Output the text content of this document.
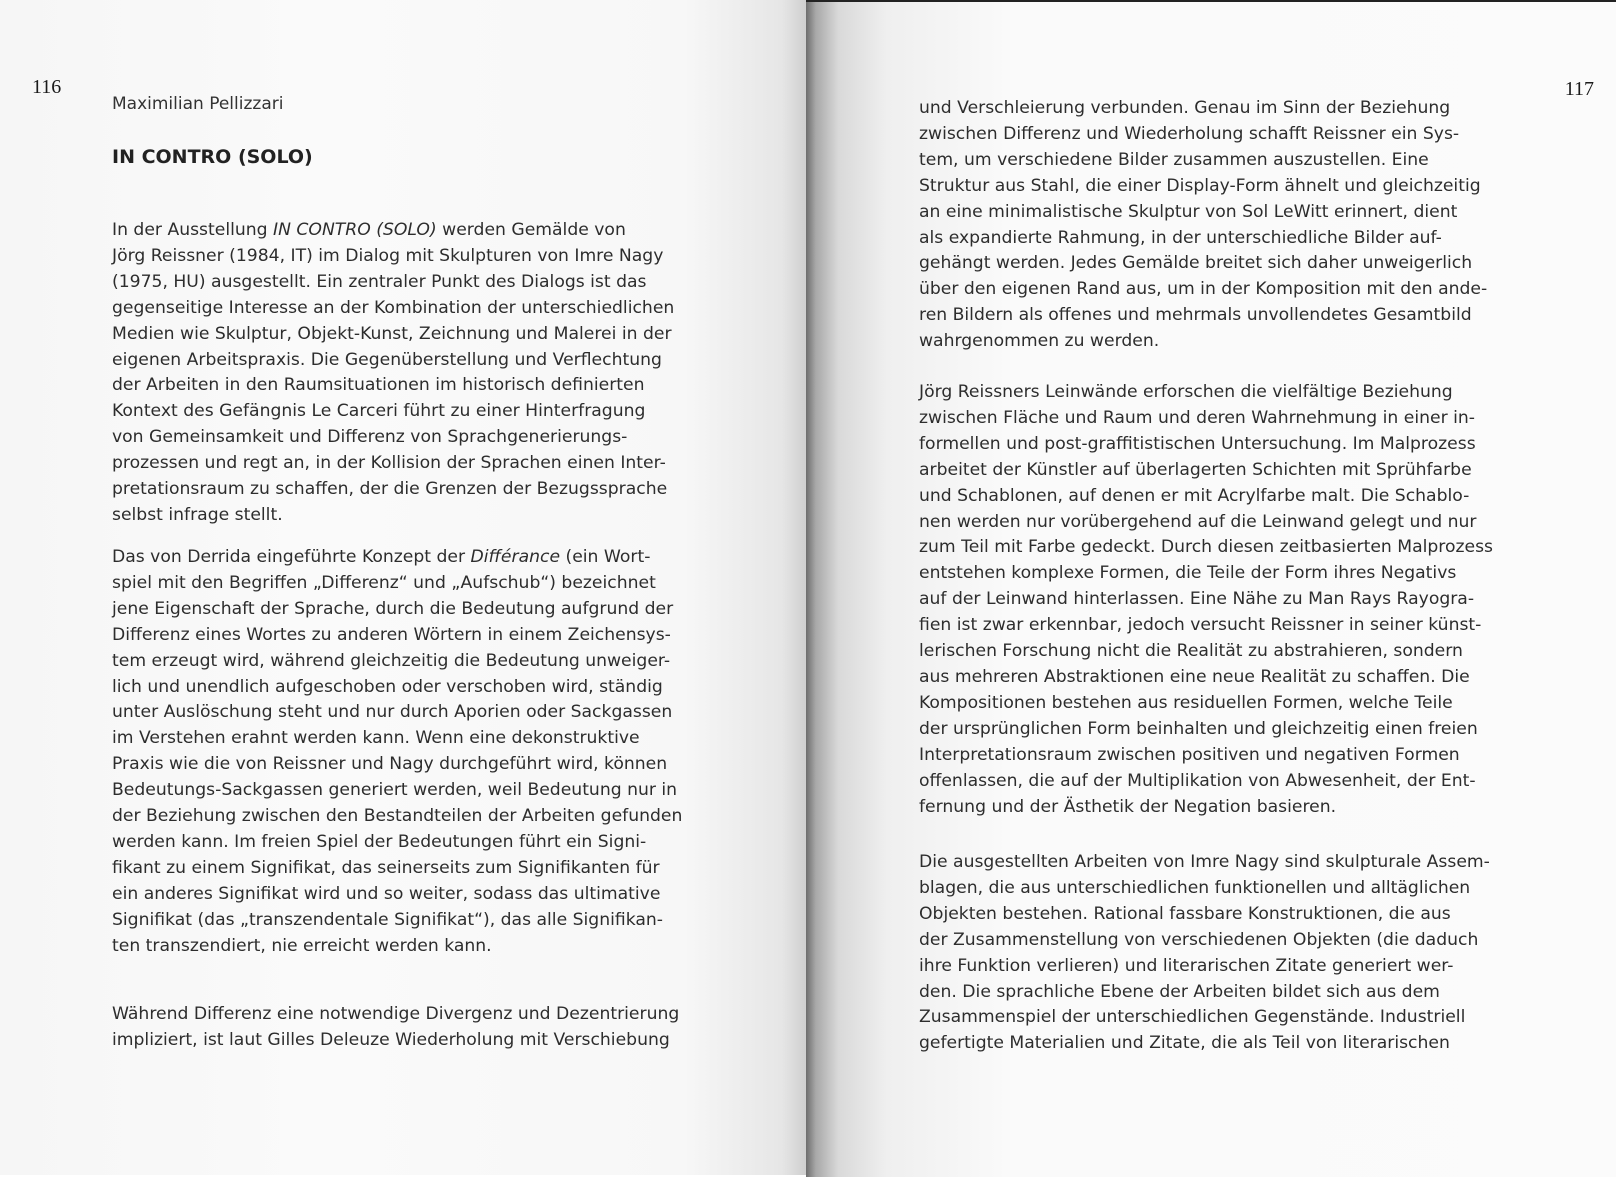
116
Maximilian Pellizzari
IN CONTRO (SOLO)
In der Ausstellung IN CONTRO (SOLO) werden Gemälde von
Jörg Reissner (1984, IT) im Dialog mit Skulpturen von Imre Nagy
(1975, HU) ausgestellt. Ein zentraler Punkt des Dialogs ist das
gegenseitige Interesse an der Kombination der unterschiedlichen
Medien wie Skulptur, Objekt-Kunst, Zeichnung und Malerei in der
eigenen Arbeitspraxis. Die Gegenüberstellung und Verflechtung
der Arbeiten in den Raumsituationen im historisch definierten
Kontext des Gefängnis Le Carceri führt zu einer Hinterfragung
von Gemeinsamkeit und Differenz von Sprachgenerierungs-
prozessen und regt an, in der Kollision der Sprachen einen Inter-
pretationsraum zu schaffen, der die Grenzen der Bezugssprache
selbst infrage stellt.
Das von Derrida eingeführte Konzept der Différance (ein Wort-
spiel mit den Begriffen „Differenz“ und „Aufschub“) bezeichnet
jene Eigenschaft der Sprache, durch die Bedeutung aufgrund der
Differenz eines Wortes zu anderen Wörtern in einem Zeichensys-
tem erzeugt wird, während gleichzeitig die Bedeutung unweiger-
lich und unendlich aufgeschoben oder verschoben wird, ständig
unter Auslöschung steht und nur durch Aporien oder Sackgassen
im Verstehen erahnt werden kann. Wenn eine dekonstruktive
Praxis wie die von Reissner und Nagy durchgeführt wird, können
Bedeutungs-Sackgassen generiert werden, weil Bedeutung nur in
der Beziehung zwischen den Bestandteilen der Arbeiten gefunden
werden kann. Im freien Spiel der Bedeutungen führt ein Signi-
fikant zu einem Signifikat, das seinerseits zum Signifikanten für
ein anderes Signifikat wird und so weiter, sodass das ultimative
Signifikat (das „transzendentale Signifikat“), das alle Signifikan-
ten transzendiert, nie erreicht werden kann.
Während Differenz eine notwendige Divergenz und Dezentrierung
impliziert, ist laut Gilles Deleuze Wiederholung mit Verschiebung
117
und Verschleierung verbunden. Genau im Sinn der Beziehung
zwischen Differenz und Wiederholung schafft Reissner ein Sys-
tem, um verschiedene Bilder zusammen auszustellen. Eine
Struktur aus Stahl, die einer Display-Form ähnelt und gleichzeitig
an eine minimalistische Skulptur von Sol LeWitt erinnert, dient
als expandierte Rahmung, in der unterschiedliche Bilder auf-
gehängt werden. Jedes Gemälde breitet sich daher unweigerlich
über den eigenen Rand aus, um in der Komposition mit den ande-
ren Bildern als offenes und mehrmals unvollendetes Gesamtbild
wahrgenommen zu werden.
Jörg Reissners Leinwände erforschen die vielfältige Beziehung
zwischen Fläche und Raum und deren Wahrnehmung in einer in-
formellen und post-graffitistischen Untersuchung. Im Malprozess
arbeitet der Künstler auf überlagerten Schichten mit Sprühfarbe
und Schablonen, auf denen er mit Acrylfarbe malt. Die Schablo-
nen werden nur vorübergehend auf die Leinwand gelegt und nur
zum Teil mit Farbe gedeckt. Durch diesen zeitbasierten Malprozess
entstehen komplexe Formen, die Teile der Form ihres Negativs
auf der Leinwand hinterlassen. Eine Nähe zu Man Rays Rayogra-
fien ist zwar erkennbar, jedoch versucht Reissner in seiner künst-
lerischen Forschung nicht die Realität zu abstrahieren, sondern
aus mehreren Abstraktionen eine neue Realität zu schaffen. Die
Kompositionen bestehen aus residuellen Formen, welche Teile
der ursprünglichen Form beinhalten und gleichzeitig einen freien
Interpretationsraum zwischen positiven und negativen Formen
offenlassen, die auf der Multiplikation von Abwesenheit, der Ent-
fernung und der Ästhetik der Negation basieren.
Die ausgestellten Arbeiten von Imre Nagy sind skulpturale Assem-
blagen, die aus unterschiedlichen funktionellen und alltäglichen
Objekten bestehen. Rational fassbare Konstruktionen, die aus
der Zusammenstellung von verschiedenen Objekten (die daduch
ihre Funktion verlieren) und literarischen Zitate generiert wer-
den. Die sprachliche Ebene der Arbeiten bildet sich aus dem
Zusammenspiel der unterschiedlichen Gegenstände. Industriell
gefertigte Materialien und Zitate, die als Teil von literarischen
